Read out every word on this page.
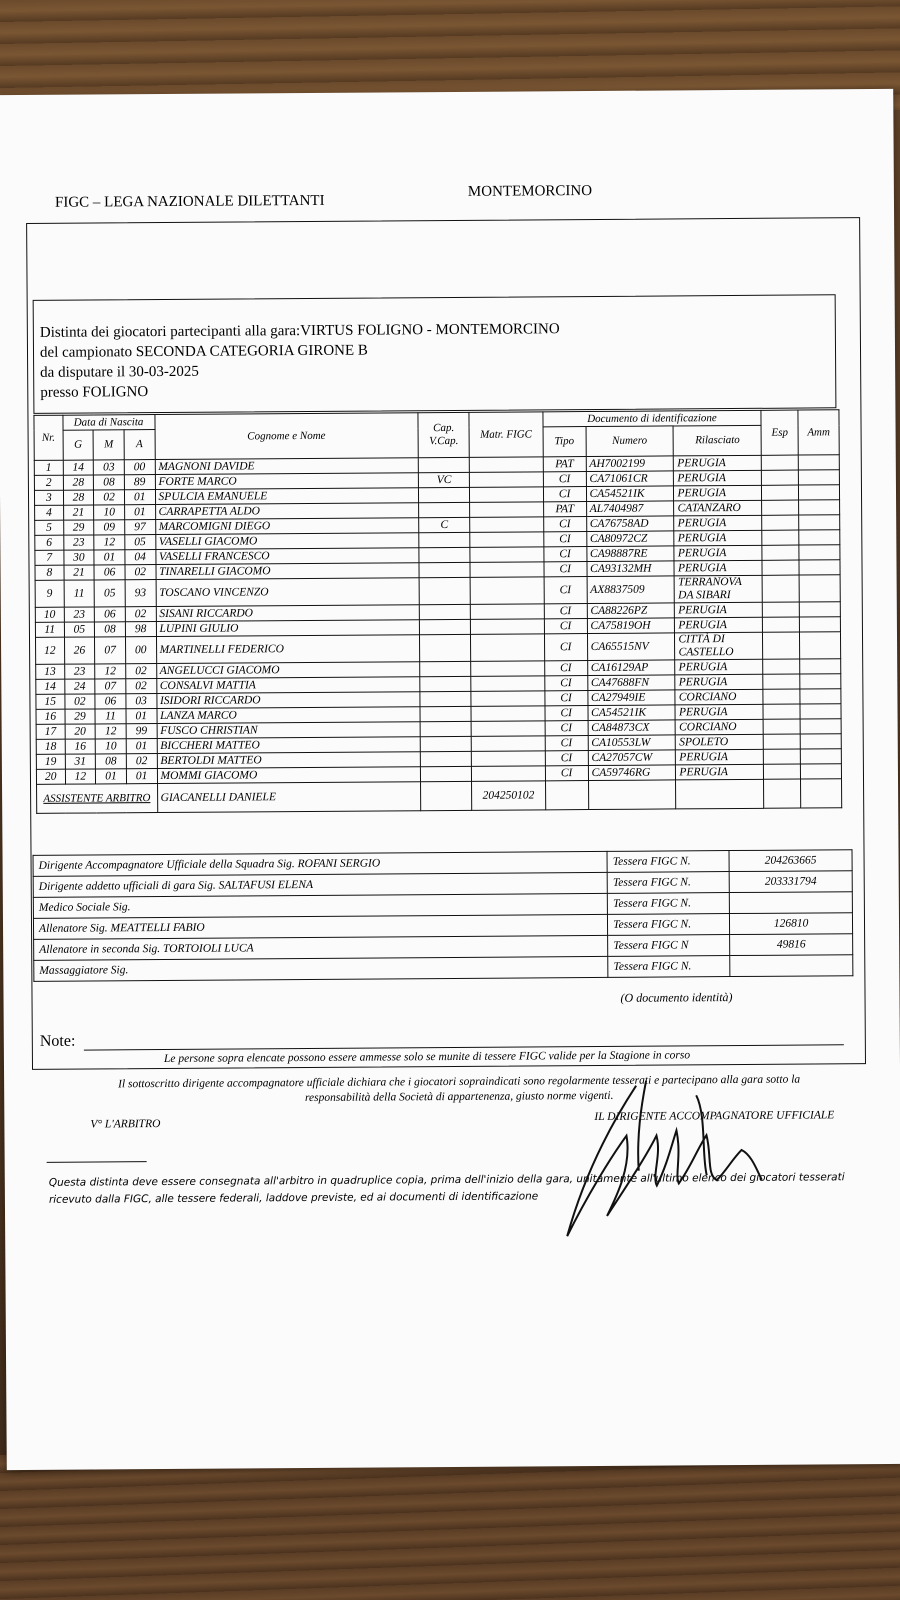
FIGC – LEGA NAZIONALE DILETTANTI
MONTEMORCINO
Distinta dei giocatori partecipanti alla gara:VIRTUS FOLIGNO - MONTEMORCINO
del campionato SECONDA CATEGORIA GIRONE B
da disputare il 30-03-2025
presso FOLIGNO
Nr.	Data di Nascita			Cognome e Nome	Cap. V.Cap.	Matr. FIGC	Documento di identificazione			Esp	Amm
	G	M	A				Tipo	Numero	Rilasciato		
1	14	03	00	MAGNONI DAVIDE			PAT	AH7002199	PERUGIA		
2	28	08	89	FORTE MARCO	VC		CI	CA71061CR	PERUGIA		
3	28	02	01	SPULCIA EMANUELE			CI	CA54521IK	PERUGIA		
4	21	10	01	CARRAPETTA ALDO			PAT	AL7404987	CATANZARO		
5	29	09	97	MARCOMIGNI DIEGO	C		CI	CA76758AD	PERUGIA		
6	23	12	05	VASELLI GIACOMO			CI	CA80972CZ	PERUGIA		
7	30	01	04	VASELLI FRANCESCO			CI	CA98887RE	PERUGIA		
8	21	06	02	TINARELLI GIACOMO			CI	CA93132MH	PERUGIA		
9	11	05	93	TOSCANO VINCENZO			CI	AX8837509	TERRANOVA DA SIBARI		
10	23	06	02	SISANI RICCARDO			CI	CA88226PZ	PERUGIA		
11	05	08	98	LUPINI GIULIO			CI	CA75819OH	PERUGIA		
12	26	07	00	MARTINELLI FEDERICO			CI	CA65515NV	CITTÀ DI CASTELLO		
13	23	12	02	ANGELUCCI GIACOMO			CI	CA16129AP	PERUGIA		
14	24	07	02	CONSALVI MATTIA			CI	CA47688FN	PERUGIA		
15	02	06	03	ISIDORI RICCARDO			CI	CA27949IE	CORCIANO		
16	29	11	01	LANZA MARCO			CI	CA54521IK	PERUGIA		
17	20	12	99	FUSCO CHRISTIAN			CI	CA84873CX	CORCIANO		
18	16	10	01	BICCHERI MATTEO			CI	CA10553LW	SPOLETO		
19	31	08	02	BERTOLDI MATTEO			CI	CA27057CW	PERUGIA		
20	12	01	01	MOMMI GIACOMO			CI	CA59746RG	PERUGIA		
ASSISTENTE ARBITRO				GIACANELLI DANIELE		204250102					
Dirigente Accompagnatore Ufficiale della Squadra Sig. ROFANI SERGIO	Tessera FIGC N.	204263665
Dirigente addetto ufficiali di gara Sig. SALTAFUSI ELENA	Tessera FIGC N.	203331794
Medico Sociale Sig.	Tessera FIGC N.	
Allenatore Sig. MEATTELLI FABIO	Tessera FIGC N.	126810
Allenatore in seconda Sig. TORTOIOLI LUCA	Tessera FIGC N	49816
Massaggiatore Sig.	Tessera FIGC N.	
(O documento identità)
Note:
Le persone sopra elencate possono essere ammesse solo se munite di tessere FIGC valide per la Stagione in corso
Il sottoscritto dirigente accompagnatore ufficiale dichiara che i giocatori sopraindicati sono regolarmente tesserati e partecipano alla gara sotto la responsabilità della Società di appartenenza, giusto norme vigenti.
V° L'ARBITRO
IL DIRIGENTE ACCOMPAGNATORE UFFICIALE
Questa distinta deve essere consegnata all'arbitro in quadruplice copia, prima dell'inizio della gara, unitamente all'ultimo elenco dei giocatori tesserati ricevuto dalla FIGC, alle tessere federali, laddove previste, ed ai documenti di identificazione
